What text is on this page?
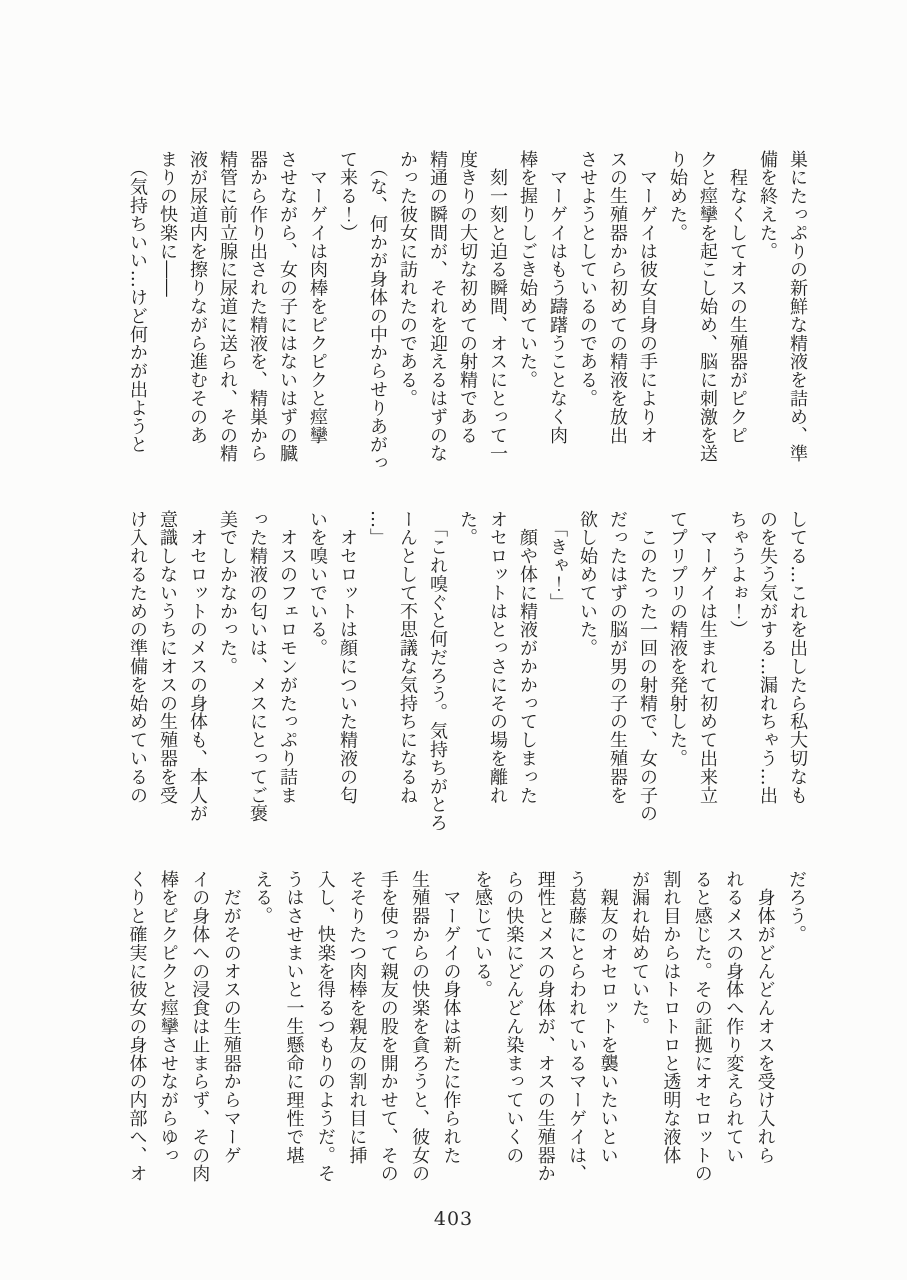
巣にたっぷりの新鮮な精液を詰め、準
備を終えた。
　程なくしてオスの生殖器がピクピ
クと痙攣を起こし始め、脳に刺激を送
り始めた。
　マーゲイは彼女自身の手によりオ
スの生殖器から初めての精液を放出
させようとしているのである。
　マーゲイはもう躊躇うことなく肉
棒を握りしごき始めていた。
　刻一刻と迫る瞬間、オスにとって一
度きりの大切な初めての射精である
精通の瞬間が、それを迎えるはずのな
かった彼女に訪れたのである。
　（な、何かが身体の中からせりあがっ
て来る！）
　マーゲイは肉棒をピクピクと痙攣
させながら、女の子にはないはずの臓
器から作り出された精液を、精巣から
精管に前立腺に尿道に送られ、その精
液が尿道内を擦りながら進むそのあ
まりの快楽に――
　（気持ちいい…けど何かが出ようと
してる…これを出したら私大切なも
のを失う気がする…漏れちゃう…出
ちゃうよぉ！）
　マーゲイは生まれて初めて出来立
てプリプリの精液を発射した。
　このたった一回の射精で、女の子の
だったはずの脳が男の子の生殖器を
欲し始めていた。
　「きゃ！」
　顔や体に精液がかかってしまった
オセロットはとっさにその場を離れ
た。
　「これ嗅ぐと何だろう。気持ちがとろ
ーんとして不思議な気持ちになるね
…」
　オセロットは顔についた精液の匂
いを嗅いでいる。
　オスのフェロモンがたっぷり詰ま
った精液の匂いは、メスにとってご褒
美でしかなかった。
　オセロットのメスの身体も、本人が
意識しないうちにオスの生殖器を受
け入れるための準備を始めているの
だろう。
　身体がどんどんオスを受け入れら
れるメスの身体へ作り変えられてい
ると感じた。その証拠にオセロットの
割れ目からはトロトロと透明な液体
が漏れ始めていた。
　親友のオセロットを襲いたいとい
う葛藤にとらわれているマーゲイは、
理性とメスの身体が、オスの生殖器か
らの快楽にどんどん染まっていくの
を感じている。
　マーゲイの身体は新たに作られた
生殖器からの快楽を貪ろうと、彼女の
手を使って親友の股を開かせて、その
そそりたつ肉棒を親友の割れ目に挿
入し、快楽を得るつもりのようだ。そ
うはさせまいと一生懸命に理性で堪
える。
　だがそのオスの生殖器からマーゲ
イの身体への浸食は止まらず、その肉
棒をピクピクと痙攣させながらゆっ
くりと確実に彼女の身体の内部へ、オ
403
